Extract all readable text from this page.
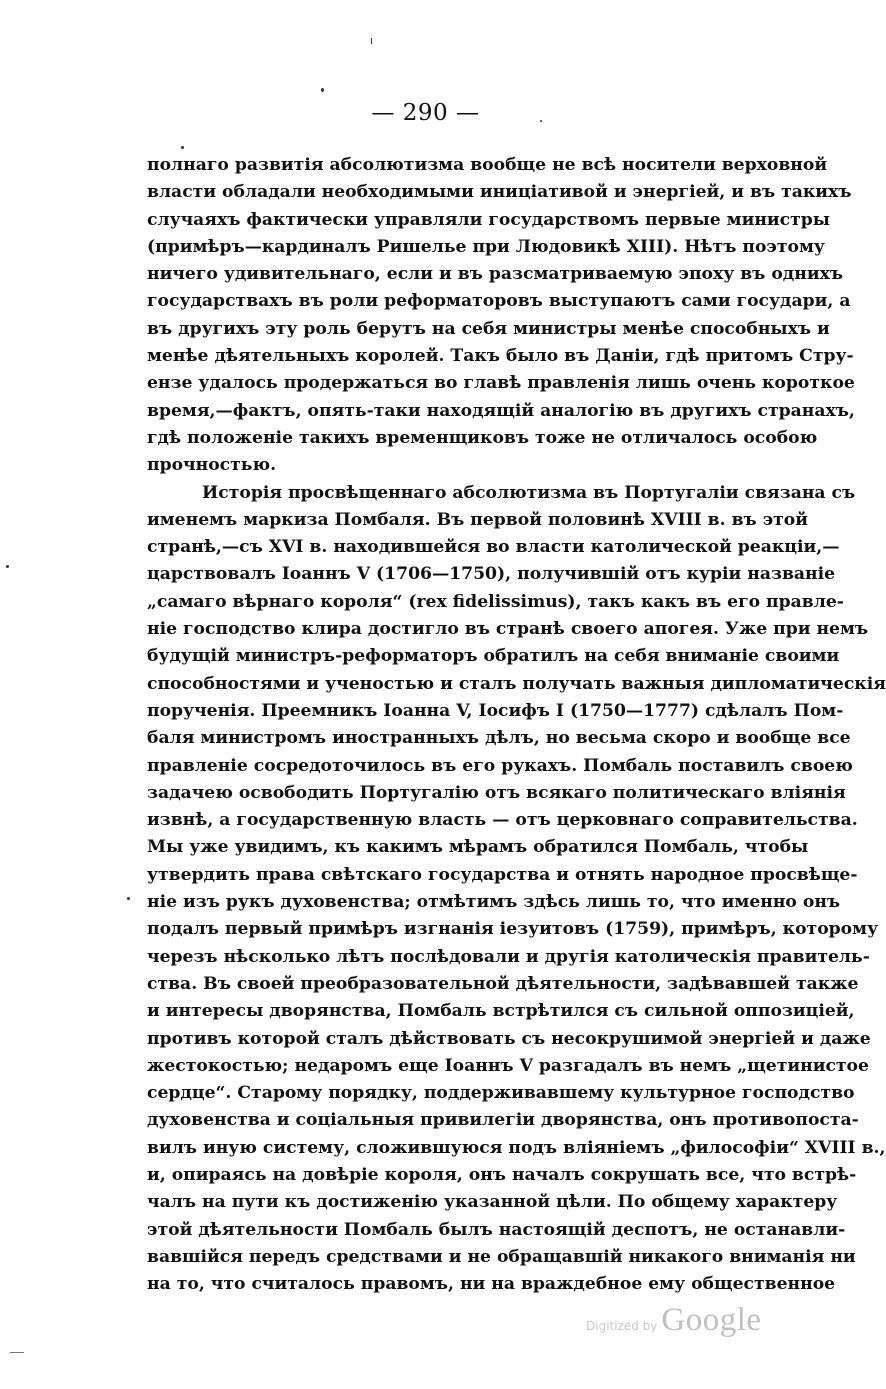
— 290 —
полнаго развитія абсолютизма вообще не всѣ носители верховной
власти обладали необходимыми иниціативой и энергіей, и въ такихъ
случаяхъ фактически управляли государствомъ первые министры
(примѣръ—кардиналъ Ришелье при Людовикѣ XIII). Нѣтъ поэтому
ничего удивительнаго, если и въ разсматриваемую эпоху въ однихъ
государствахъ въ роли реформаторовъ выступаютъ сами государи, а
въ другихъ эту роль берутъ на себя министры менѣе способныхъ и
менѣе дѣятельныхъ королей. Такъ было въ Даніи, гдѣ притомъ Стру-
ензе удалось продержаться во главѣ правленія лишь очень короткое
время,—фактъ, опять-таки находящій аналогію въ другихъ странахъ,
гдѣ положеніе такихъ временщиковъ тоже не отличалось особою
прочностью.
Исторія просвѣщеннаго абсолютизма въ Португаліи связана съ
именемъ маркиза Помбаля. Въ первой половинѣ XVIII в. въ этой
странѣ,—съ XVI в. находившейся во власти католической реакціи,—
царствовалъ Іоаннъ V (1706—1750), получившій отъ куріи названіе
„самаго вѣрнаго короля“ (rex fidelissimus), такъ какъ въ его правле-
ніе господство клира достигло въ странѣ своего апогея. Уже при немъ
будущій министръ-реформаторъ обратилъ на себя вниманіе своими
способностями и ученостью и сталъ получать важныя дипломатическія
порученія. Преемникъ Іоанна V, Іосифъ I (1750—1777) сдѣлалъ Пом-
баля министромъ иностранныхъ дѣлъ, но весьма скоро и вообще все
правленіе сосредоточилось въ его рукахъ. Помбаль поставилъ своею
задачею освободить Португалію отъ всякаго политическаго вліянія
извнѣ, а государственную власть — отъ церковнаго соправительства.
Мы уже увидимъ, къ какимъ мѣрамъ обратился Помбаль, чтобы
утвердить права свѣтскаго государства и отнять народное просвѣще-
ніе изъ рукъ духовенства; отмѣтимъ здѣсь лишь то, что именно онъ
подалъ первый примѣръ изгнанія іезуитовъ (1759), примѣръ, которому
черезъ нѣсколько лѣтъ послѣдовали и другія католическія правитель-
ства. Въ своей преобразовательной дѣятельности, задѣвавшей также
и интересы дворянства, Помбаль встрѣтился съ сильной оппозиціей,
противъ которой сталъ дѣйствовать съ несокрушимой энергіей и даже
жестокостью; недаромъ еще Іоаннъ V разгадалъ въ немъ „щетинистое
сердце“. Старому порядку, поддерживавшему культурное господство
духовенства и соціальныя привилегіи дворянства, онъ противопоста-
вилъ иную систему, сложившуюся подъ вліяніемъ „философіи“ XVIII в.,
и, опираясь на довѣріе короля, онъ началъ сокрушать все, что встрѣ-
чалъ на пути къ достиженію указанной цѣли. По общему характеру
этой дѣятельности Помбаль былъ настоящій деспотъ, не останавли-
вавшійся передъ средствами и не обращавшій никакого вниманія ни
на то, что считалось правомъ, ни на враждебное ему общественное
Digitized by Google
